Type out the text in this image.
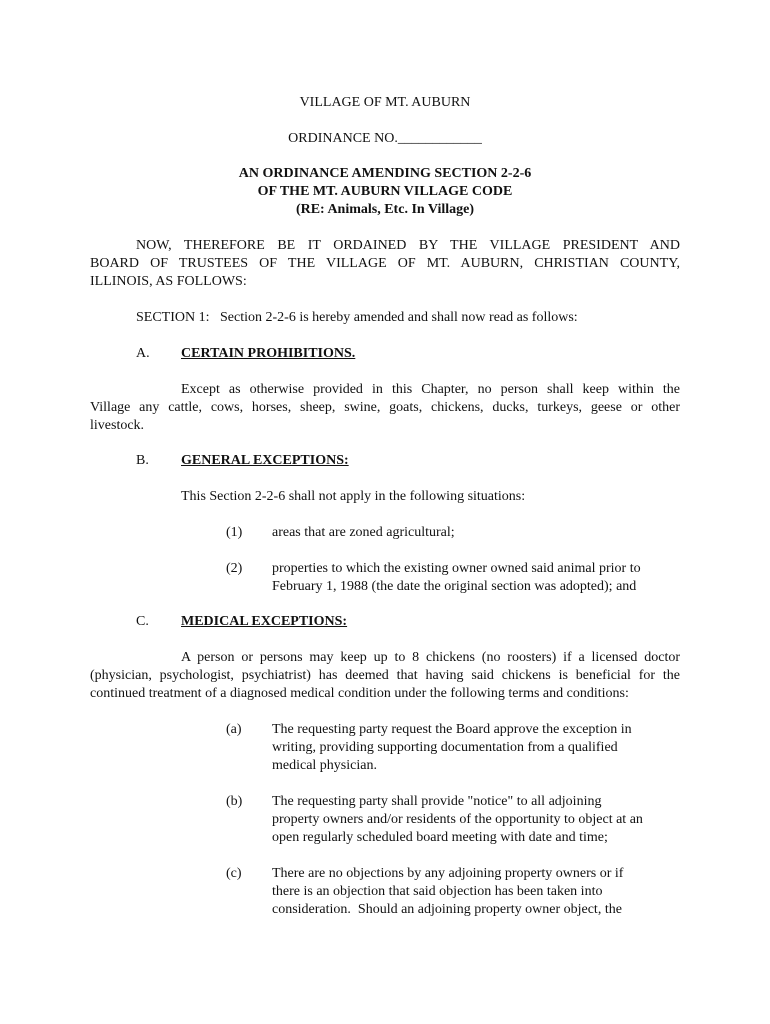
VILLAGE OF MT. AUBURN
ORDINANCE NO.____________
AN ORDINANCE AMENDING SECTION 2-2-6
OF THE MT. AUBURN VILLAGE CODE
(RE: Animals, Etc. In Village)
NOW, THEREFORE BE IT ORDAINED BY THE VILLAGE PRESIDENT AND
BOARD OF TRUSTEES OF THE VILLAGE OF MT. AUBURN, CHRISTIAN COUNTY,
ILLINOIS, AS FOLLOWS:
SECTION 1:   Section 2-2-6 is hereby amended and shall now read as follows:
A. CERTAIN PROHIBITIONS.
Except as otherwise provided in this Chapter, no person shall keep within the
Village any cattle, cows, horses, sheep, swine, goats, chickens, ducks, turkeys, geese or other
livestock.
B. GENERAL EXCEPTIONS:
This Section 2-2-6 shall not apply in the following situations:
(1) areas that are zoned agricultural;
(2) properties to which the existing owner owned said animal prior to
February 1, 1988 (the date the original section was adopted); and
C. MEDICAL EXCEPTIONS:
A person or persons may keep up to 8 chickens (no roosters) if a licensed doctor
(physician, psychologist, psychiatrist) has deemed that having said chickens is beneficial for the
continued treatment of a diagnosed medical condition under the following terms and conditions:
(a) The requesting party request the Board approve the exception in
writing, providing supporting documentation from a qualified
medical physician.
(b) The requesting party shall provide "notice" to all adjoining
property owners and/or residents of the opportunity to object at an
open regularly scheduled board meeting with date and time;
(c) There are no objections by any adjoining property owners or if
there is an objection that said objection has been taken into
consideration.  Should an adjoining property owner object, the
